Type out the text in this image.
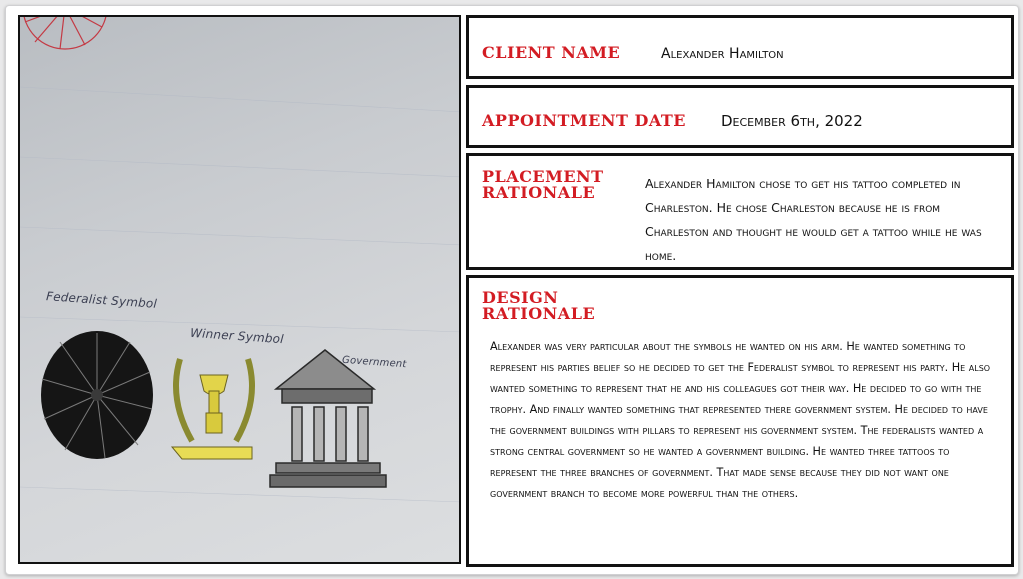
Federalist Symbol
Winner Symbol
Government
CLIENT NAME	Alexander Hamilton
APPOINTMENT DATE December 6th, 2022
PLACEMENT RATIONALE	Alexander Hamilton chose to get his tattoo completed in Charleston. He chose Charleston because he is from Charleston and thought he would get a tattoo while he was home.
DESIGN RATIONALE
Alexander was very particular about the symbols he wanted on his arm. He wanted something to represent his parties belief so he decided to get the Federalist symbol to represent his party. He also wanted something to represent that he and his colleagues got their way. He decided to go with the trophy. And finally wanted something that represented there government system. He decided to have the government buildings with pillars to represent his government system. The federalists wanted a strong central government so he wanted a government building. He wanted three tattoos to represent the three branches of government. That made sense because they did not want one government branch to become more powerful than the others.
